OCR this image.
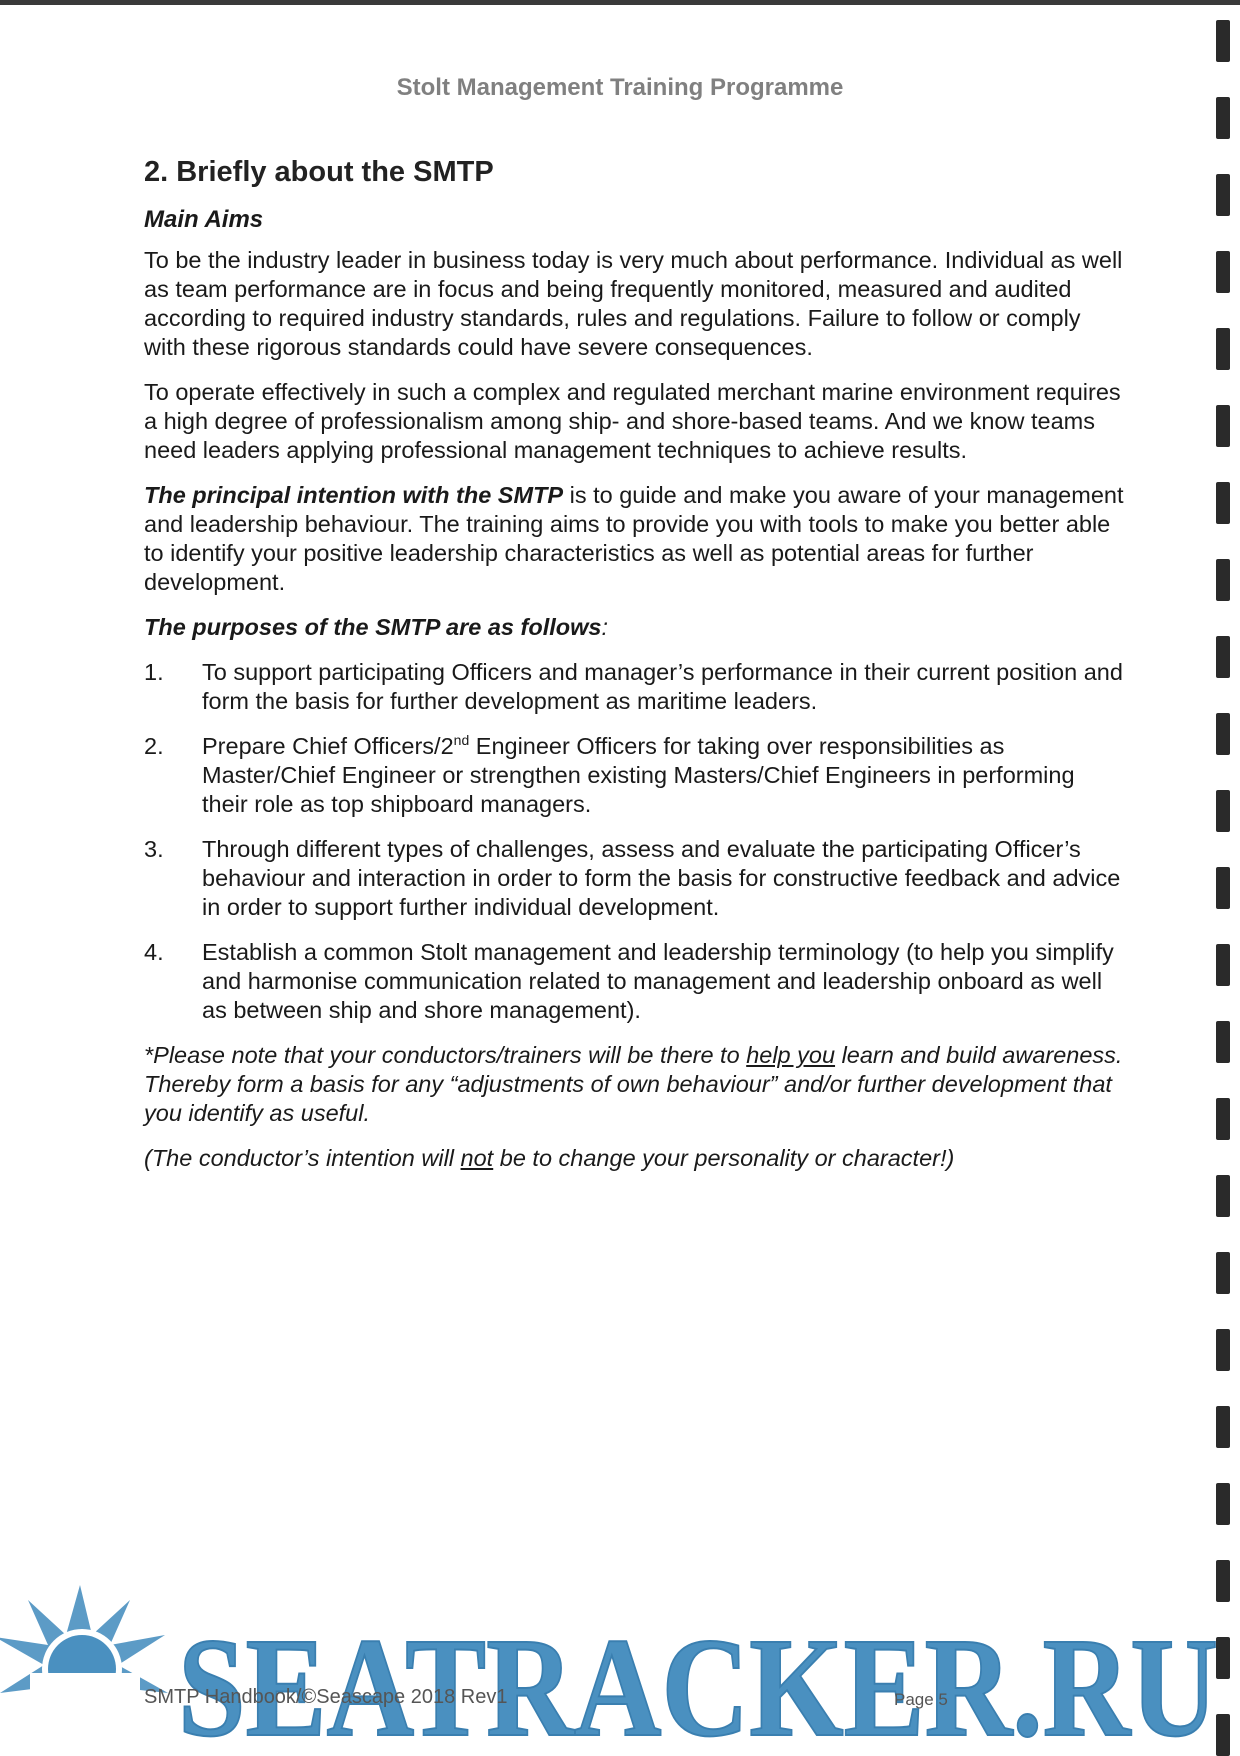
Stolt Management Training Programme
2. Briefly about the SMTP
Main Aims

To be the industry leader in business today is very much about performance. Individual as well as team performance are in focus and being frequently monitored, measured and audited according to required industry standards, rules and regulations. Failure to follow or comply with these rigorous standards could have severe consequences.

To operate effectively in such a complex and regulated merchant marine environment requires a high degree of professionalism among ship- and shore-based teams. And we know teams need leaders applying professional management techniques to achieve results.

The principal intention with the SMTP is to guide and make you aware of your management and leadership behaviour. The training aims to provide you with tools to make you better able to identify your positive leadership characteristics as well as potential areas for further development.

The purposes of the SMTP are as follows:

1.	To support participating Officers and manager’s performance in their current position and form the basis for further development as maritime leaders.
2.	Prepare Chief Officers/2nd Engineer Officers for taking over responsibilities as Master/Chief Engineer or strengthen existing Masters/Chief Engineers in performing their role as top shipboard managers.
3.	Through different types of challenges, assess and evaluate the participating Officer’s behaviour and interaction in order to form the basis for constructive feedback and advice in order to support further individual development.
4.	Establish a common Stolt management and leadership terminology (to help you simplify and harmonise communication related to management and leadership onboard as well as between ship and shore management).

*Please note that your conductors/trainers will be there to help you learn and build awareness. Thereby form a basis for any “adjustments of own behaviour” and/or further development that you identify as useful.

(The conductor’s intention will not be to change your personality or character!)

SEATRACKER.RU
SMTP Handbook/©Seascape 2018 Rev1	Page 5
